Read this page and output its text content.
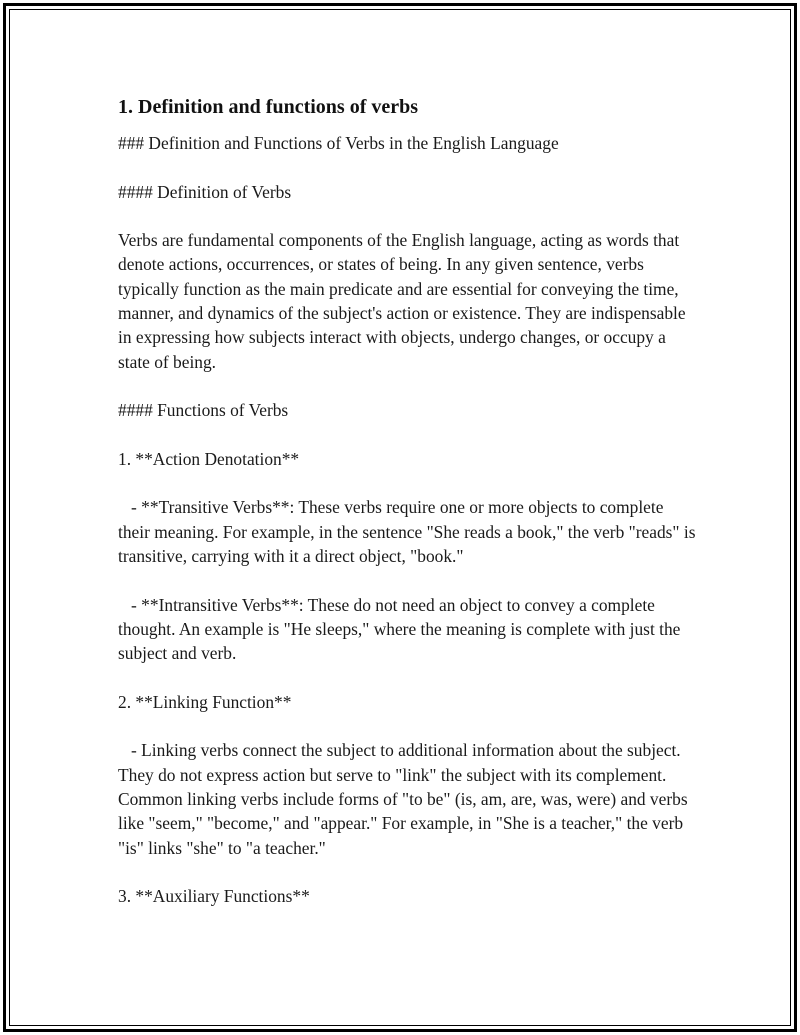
1. Definition and functions of verbs
### Definition and Functions of Verbs in the English Language
#### Definition of Verbs
Verbs are fundamental components of the English language, acting as words that denote actions, occurrences, or states of being. In any given sentence, verbs typically function as the main predicate and are essential for conveying the time, manner, and dynamics of the subject's action or existence. They are indispensable in expressing how subjects interact with objects, undergo changes, or occupy a state of being.
#### Functions of Verbs
1. **Action Denotation**
- **Transitive Verbs**: These verbs require one or more objects to complete their meaning. For example, in the sentence "She reads a book," the verb "reads" is transitive, carrying with it a direct object, "book."
- **Intransitive Verbs**: These do not need an object to convey a complete thought. An example is "He sleeps," where the meaning is complete with just the subject and verb.
2. **Linking Function**
- Linking verbs connect the subject to additional information about the subject. They do not express action but serve to "link" the subject with its complement. Common linking verbs include forms of "to be" (is, am, are, was, were) and verbs like "seem," "become," and "appear." For example, in "She is a teacher," the verb "is" links "she" to "a teacher."
3. **Auxiliary Functions**
